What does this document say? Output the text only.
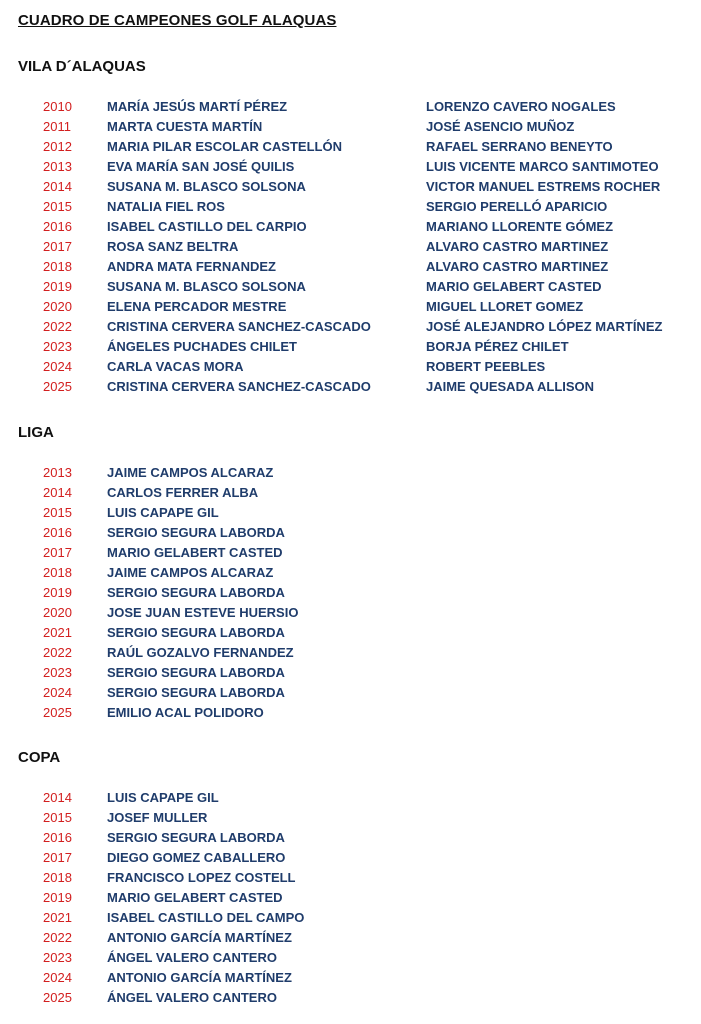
CUADRO DE CAMPEONES GOLF ALAQUAS
VILA D´ALAQUAS
2010	MARÍA JESÚS MARTÍ PÉREZ	LORENZO CAVERO NOGALES
2011	MARTA CUESTA MARTÍN	JOSÉ ASENCIO MUÑOZ
2012	MARIA PILAR ESCOLAR CASTELLÓN	RAFAEL SERRANO BENEYTO
2013	EVA MARÍA SAN JOSÉ QUILIS	LUIS VICENTE MARCO SANTIMOTEO
2014	SUSANA M. BLASCO SOLSONA	VICTOR MANUEL ESTREMS ROCHER
2015	NATALIA FIEL ROS	SERGIO PERELLÓ APARICIO
2016	ISABEL CASTILLO DEL CARPIO	MARIANO LLORENTE GÓMEZ
2017	ROSA SANZ BELTRA	ALVARO CASTRO MARTINEZ
2018	ANDRA MATA FERNANDEZ	ALVARO CASTRO MARTINEZ
2019	SUSANA M. BLASCO SOLSONA	MARIO GELABERT CASTED
2020	ELENA PERCADOR MESTRE	MIGUEL LLORET GOMEZ
2022	CRISTINA CERVERA SANCHEZ-CASCADO	JOSÉ ALEJANDRO LÓPEZ MARTÍNEZ
2023	ÁNGELES PUCHADES CHILET	BORJA PÉREZ CHILET
2024	CARLA VACAS MORA	ROBERT PEEBLES
2025	CRISTINA CERVERA SANCHEZ-CASCADO	JAIME QUESADA ALLISON
LIGA
2013	JAIME CAMPOS ALCARAZ
2014	CARLOS FERRER ALBA
2015	LUIS CAPAPE GIL
2016	SERGIO SEGURA LABORDA
2017	MARIO GELABERT CASTED
2018	JAIME CAMPOS ALCARAZ
2019	SERGIO SEGURA LABORDA
2020	JOSE JUAN ESTEVE HUERSIO
2021	SERGIO SEGURA LABORDA
2022	RAÚL GOZALVO FERNANDEZ
2023	SERGIO SEGURA LABORDA
2024	SERGIO SEGURA LABORDA
2025	EMILIO ACAL POLIDORO
COPA
2014	LUIS CAPAPE GIL
2015	JOSEF MULLER
2016	SERGIO SEGURA LABORDA
2017	DIEGO GOMEZ CABALLERO
2018	FRANCISCO LOPEZ COSTELL
2019	MARIO GELABERT CASTED
2021	ISABEL CASTILLO DEL CAMPO
2022	ANTONIO GARCÍA MARTÍNEZ
2023	ÁNGEL VALERO CANTERO
2024	ANTONIO GARCÍA MARTÍNEZ
2025	ÁNGEL VALERO CANTERO
